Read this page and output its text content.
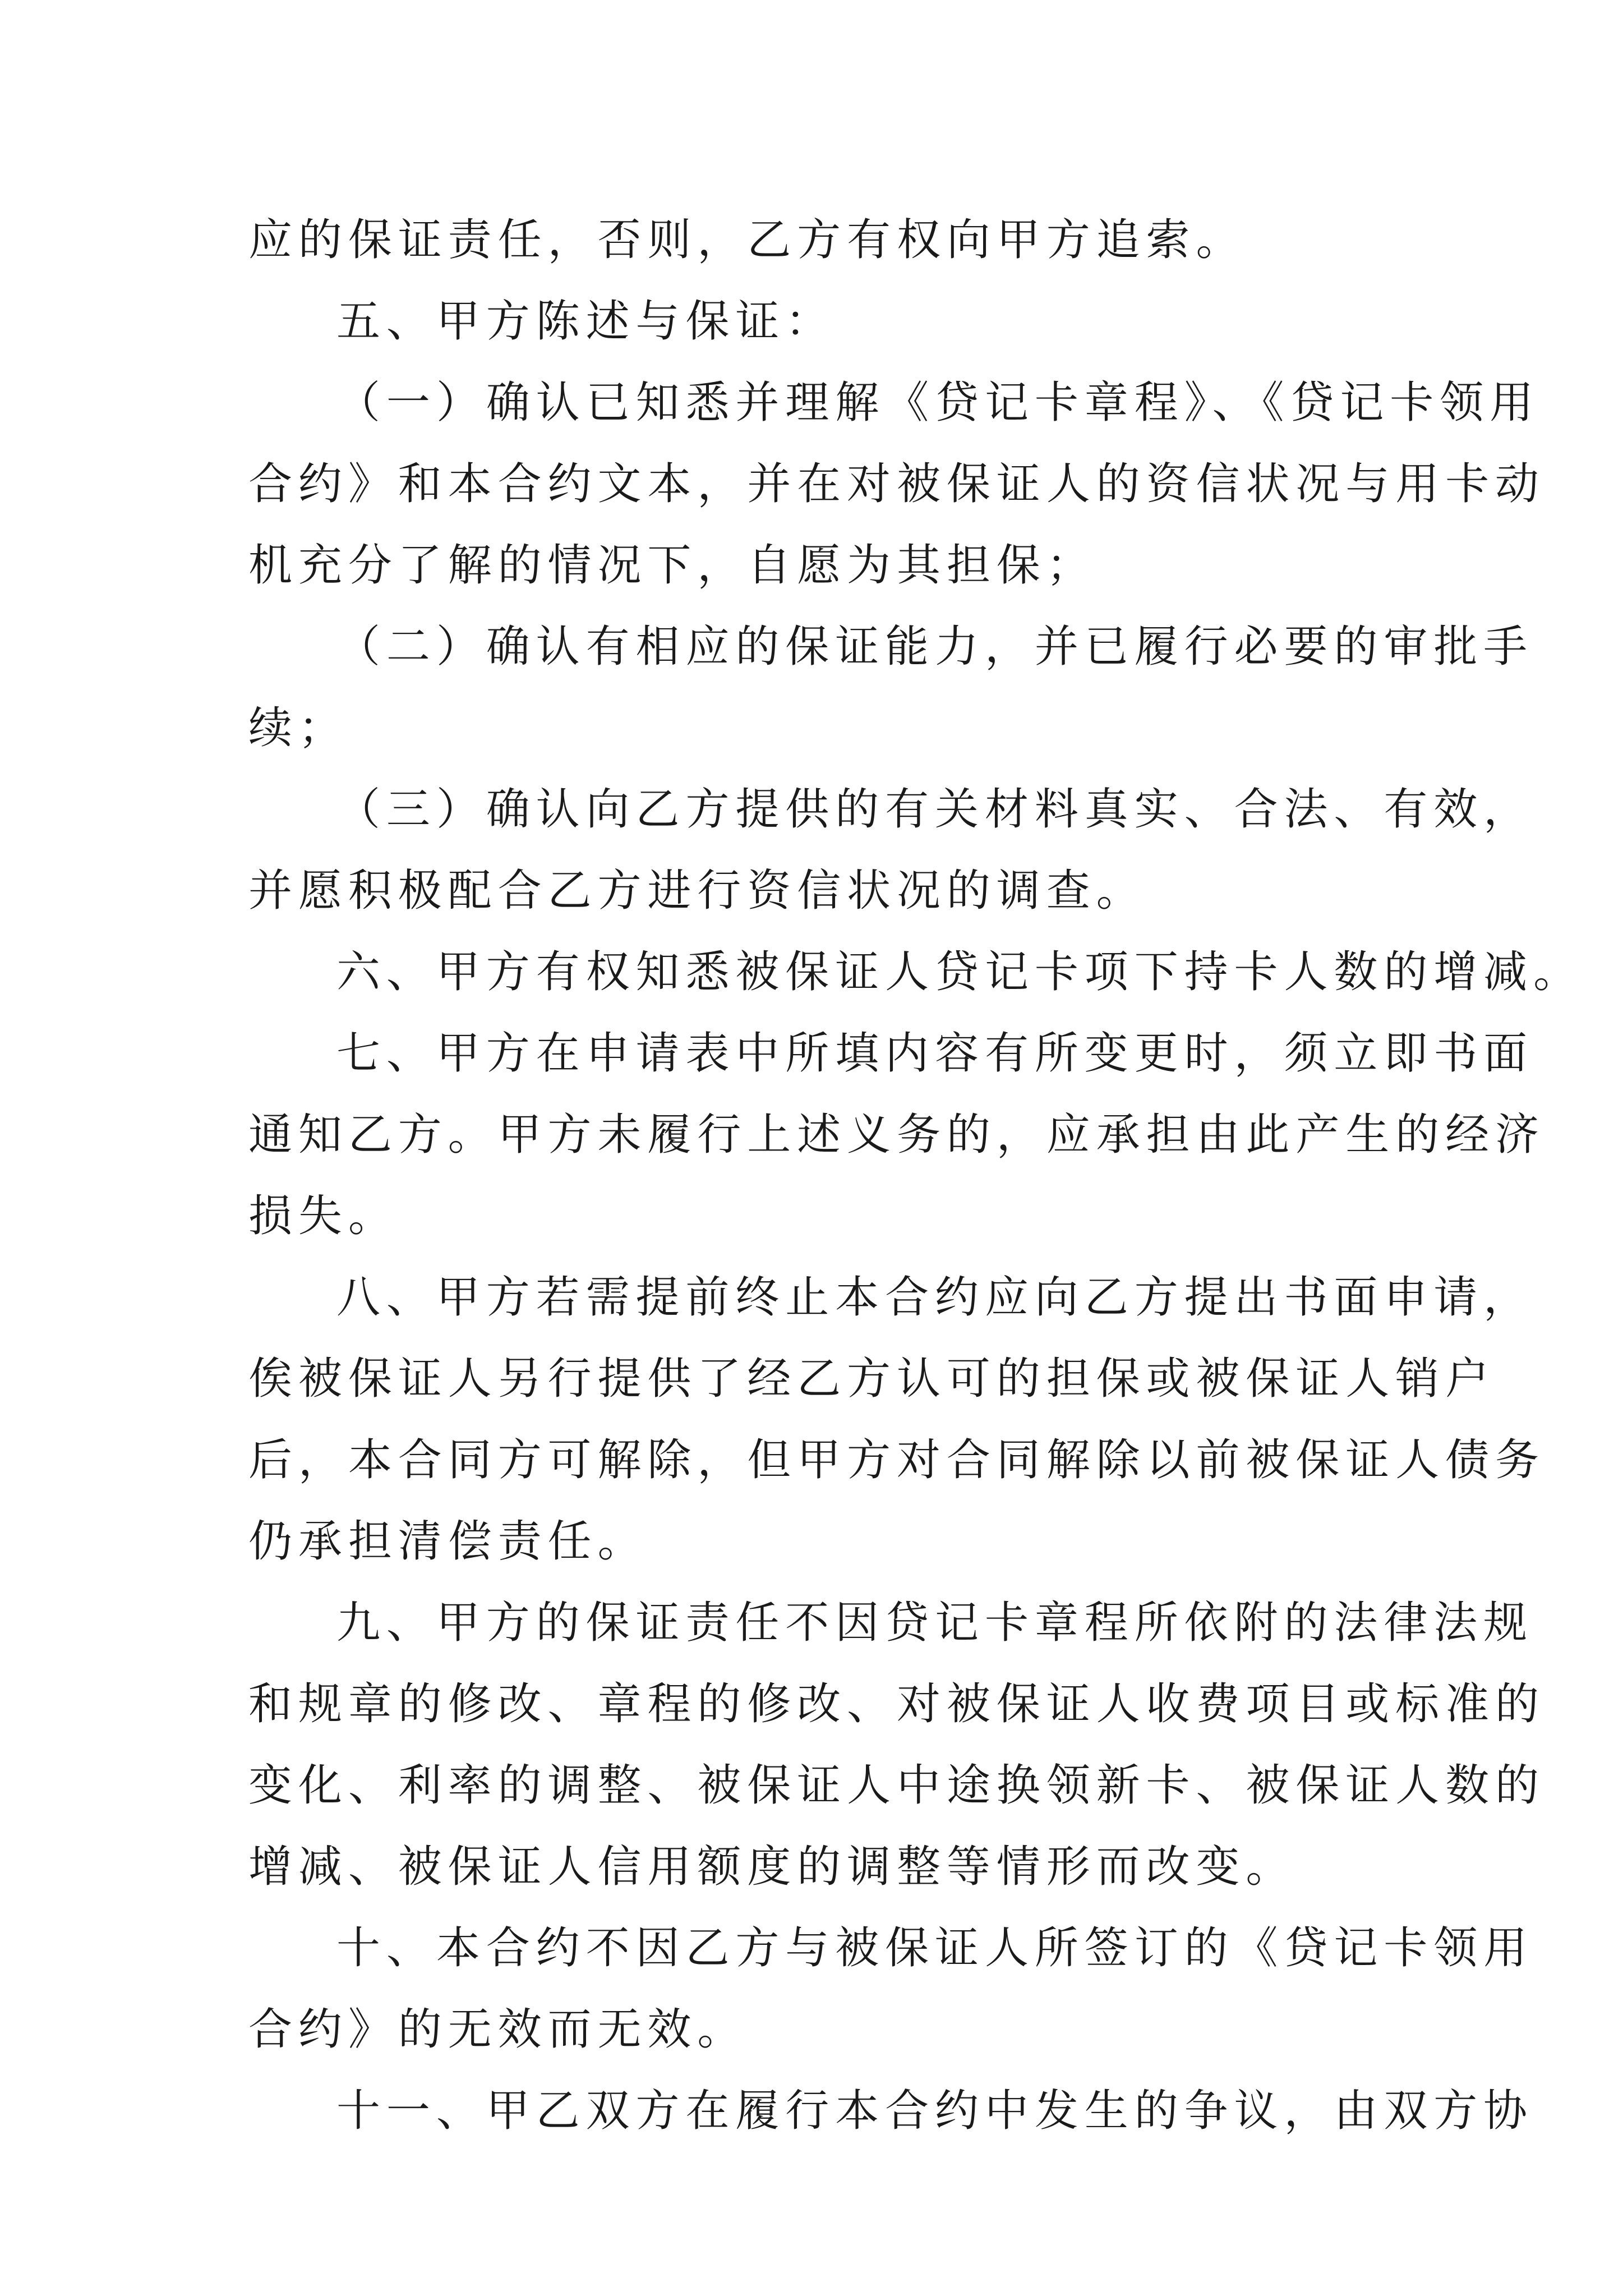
应的保证责任，否则，乙方有权向甲方追索。
五、甲方陈述与保证：
（一）确认已知悉并理解《贷记卡章程》、《贷记卡领用
合约》和本合约文本，并在对被保证人的资信状况与用卡动
机充分了解的情况下，自愿为其担保；
（二）确认有相应的保证能力，并已履行必要的审批手
续；
（三）确认向乙方提供的有关材料真实、合法、有效，
并愿积极配合乙方进行资信状况的调查。
六、甲方有权知悉被保证人贷记卡项下持卡人数的增减。
七、甲方在申请表中所填内容有所变更时，须立即书面
通知乙方。甲方未履行上述义务的，应承担由此产生的经济
损失。
八、甲方若需提前终止本合约应向乙方提出书面申请，
俟被保证人另行提供了经乙方认可的担保或被保证人销户
后，本合同方可解除，但甲方对合同解除以前被保证人债务
仍承担清偿责任。
九、甲方的保证责任不因贷记卡章程所依附的法律法规
和规章的修改、章程的修改、对被保证人收费项目或标准的
变化、利率的调整、被保证人中途换领新卡、被保证人数的
增减、被保证人信用额度的调整等情形而改变。
十、本合约不因乙方与被保证人所签订的《贷记卡领用
合约》的无效而无效。
十一、甲乙双方在履行本合约中发生的争议，由双方协
